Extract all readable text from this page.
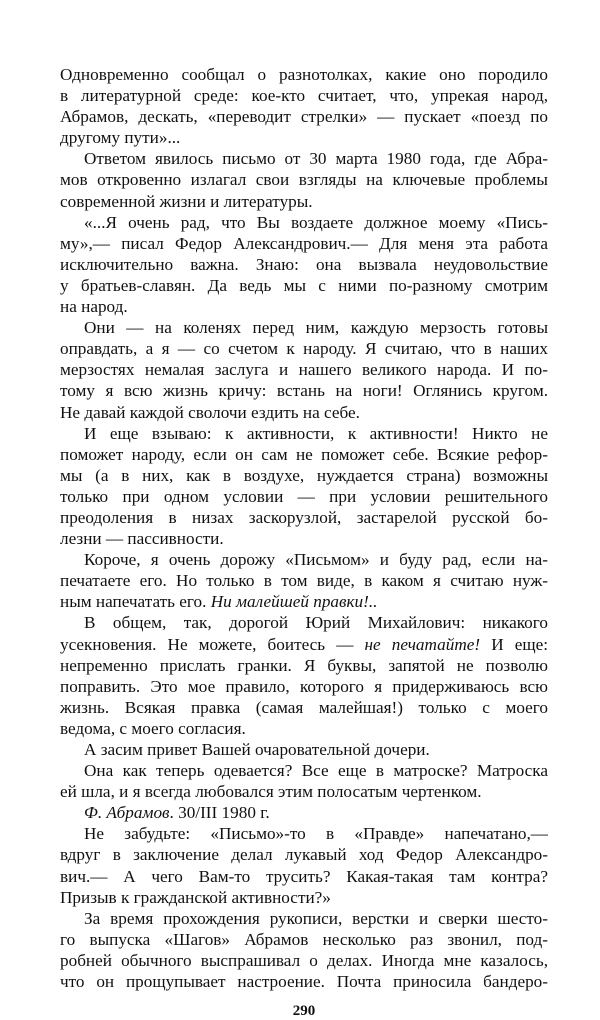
Одновременно сообщал о разнотолках, какие оно породило
в литературной среде: кое-кто считает, что, упрекая народ,
Абрамов, дескать, «переводит стрелки» — пускает «поезд по
другому пути»...
Ответом явилось письмо от 30 марта 1980 года, где Абра-
мов откровенно излагал свои взгляды на ключевые проблемы
современной жизни и литературы.
«...Я очень рад, что Вы воздаете должное моему «Пись-
му»,— писал Федор Александрович.— Для меня эта работа
исключительно важна. Знаю: она вызвала неудовольствие
у братьев-славян. Да ведь мы с ними по-разному смотрим
на народ.
Они — на коленях перед ним, каждую мерзость готовы
оправдать, а я — со счетом к народу. Я считаю, что в наших
мерзостях немалая заслуга и нашего великого народа. И по-
тому я всю жизнь кричу: встань на ноги! Оглянись кругом.
Не давай каждой сволочи ездить на себе.
И еще взываю: к активности, к активности! Никто не
поможет народу, если он сам не поможет себе. Всякие рефор-
мы (а в них, как в воздухе, нуждается страна) возможны
только при одном условии — при условии решительного
преодоления в низах заскорузлой, застарелой русской бо-
лезни — пассивности.
Короче, я очень дорожу «Письмом» и буду рад, если на-
печатаете его. Но только в том виде, в каком я считаю нуж-
ным напечатать его. Ни малейшей правки!..
В общем, так, дорогой Юрий Михайлович: никакого
усекновения. Не можете, боитесь — не печатайте! И еще:
непременно прислать гранки. Я буквы, запятой не позволю
поправить. Это мое правило, которого я придерживаюсь всю
жизнь. Всякая правка (самая малейшая!) только с моего
ведома, с моего согласия.
А засим привет Вашей очаровательной дочери.
Она как теперь одевается? Все еще в матроске? Матроска
ей шла, и я всегда любовался этим полосатым чертенком.
Ф. Абрамов. 30/III 1980 г.
Не забудьте: «Письмо»-то в «Правде» напечатано,—
вдруг в заключение делал лукавый ход Федор Александро-
вич.— А чего Вам-то трусить? Какая-такая там контра?
Призыв к гражданской активности?»
За время прохождения рукописи, верстки и сверки шесто-
го выпуска «Шагов» Абрамов несколько раз звонил, под-
робней обычного выспрашивал о делах. Иногда мне казалось,
что он прощупывает настроение. Почта приносила бандеро-
290
